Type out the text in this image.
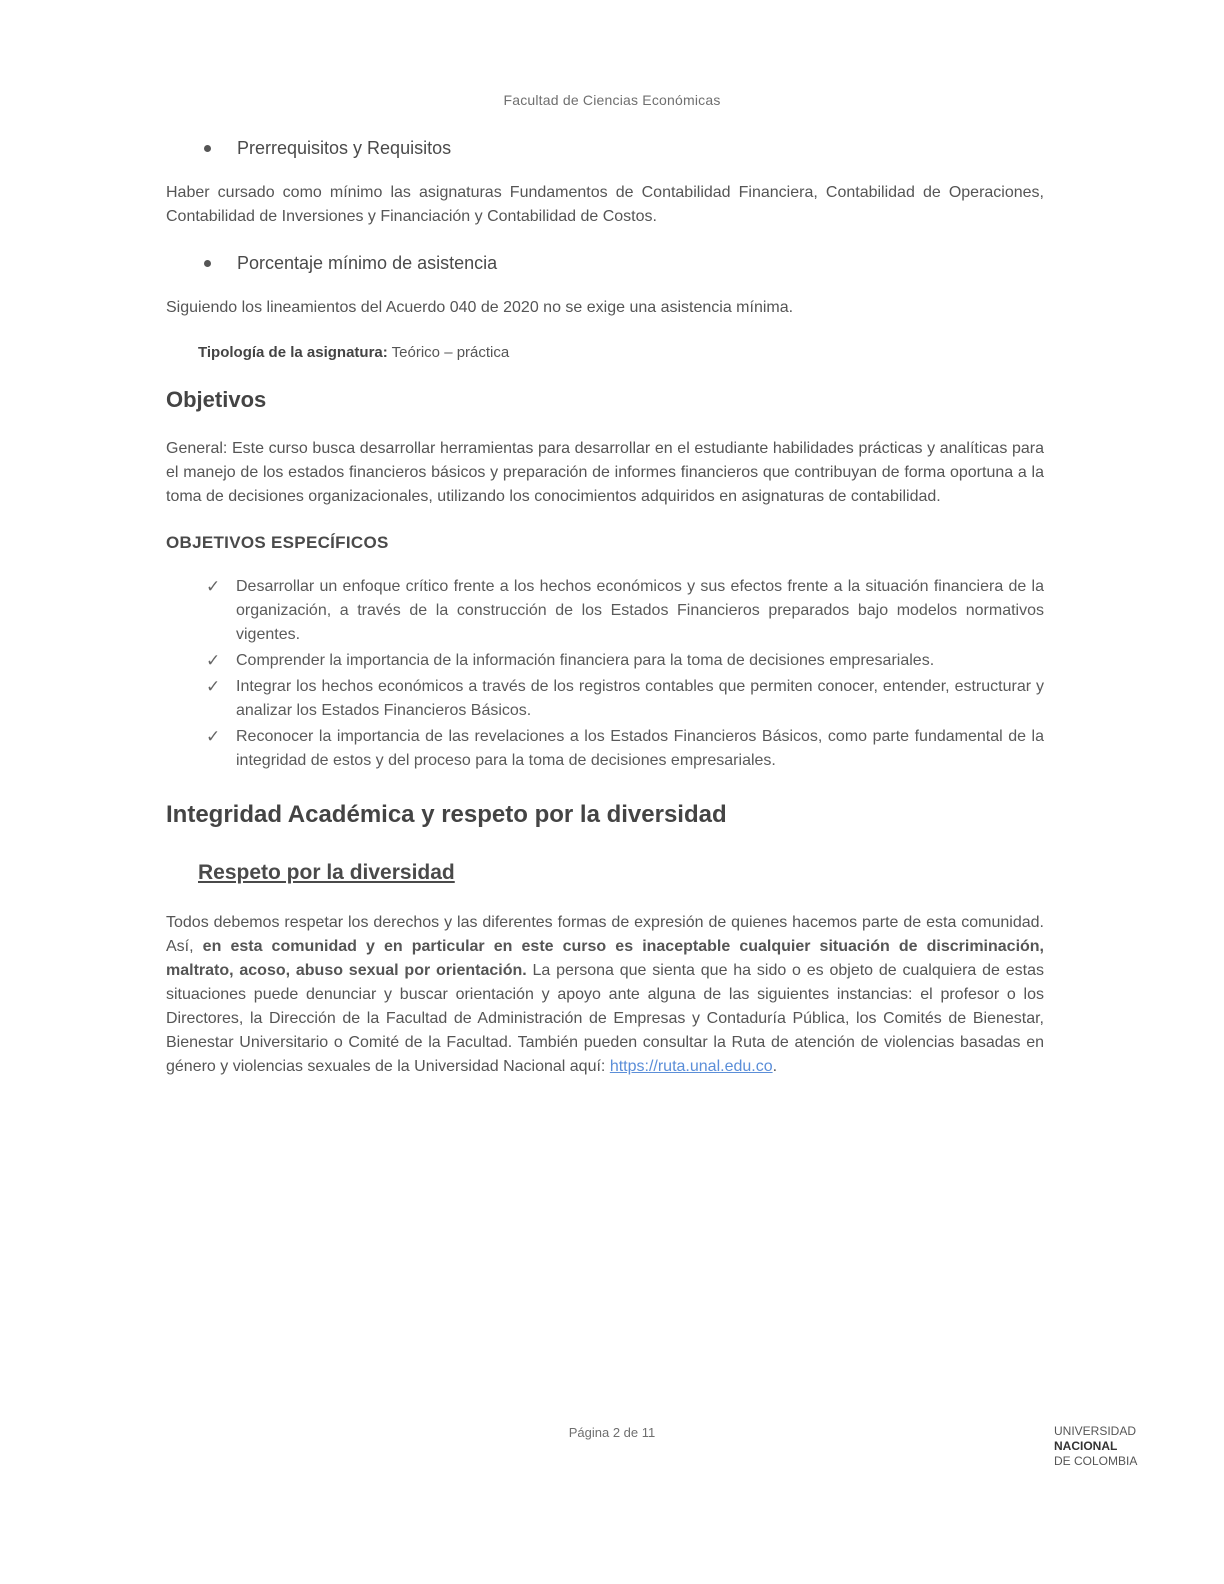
Facultad de Ciencias Económicas
Prerrequisitos y Requisitos

Haber cursado como mínimo las asignaturas Fundamentos de Contabilidad Financiera, Contabilidad de Operaciones, Contabilidad de Inversiones y Financiación y Contabilidad de Costos.

Porcentaje mínimo de asistencia

Siguiendo los lineamientos del Acuerdo 040 de 2020 no se exige una asistencia mínima.

Tipología de la asignatura: Teórico – práctica
Objetivos

General: Este curso busca desarrollar herramientas para desarrollar en el estudiante habilidades prácticas y analíticas para el manejo de los estados financieros básicos y preparación de informes financieros que contribuyan de forma oportuna a la toma de decisiones organizacionales, utilizando los conocimientos adquiridos en asignaturas de contabilidad.

OBJETIVOS ESPECÍFICOS
✓ Desarrollar un enfoque crítico frente a los hechos económicos y sus efectos frente a la situación financiera de la organización, a través de la construcción de los Estados Financieros preparados bajo modelos normativos vigentes.
✓ Comprender la importancia de la información financiera para la toma de decisiones empresariales.
✓ Integrar los hechos económicos a través de los registros contables que permiten conocer, entender, estructurar y analizar los Estados Financieros Básicos.
✓ Reconocer la importancia de las revelaciones a los Estados Financieros Básicos, como parte fundamental de la integridad de estos y del proceso para la toma de decisiones empresariales.
Integridad Académica y respeto por la diversidad
Respeto por la diversidad

Todos debemos respetar los derechos y las diferentes formas de expresión de quienes hacemos parte de esta comunidad. Así, en esta comunidad y en particular en este curso es inaceptable cualquier situación de discriminación, maltrato, acoso, abuso sexual por orientación. La persona que sienta que ha sido o es objeto de cualquiera de estas situaciones puede denunciar y buscar orientación y apoyo ante alguna de las siguientes instancias: el profesor o los Directores, la Dirección de la Facultad de Administración de Empresas y Contaduría Pública, los Comités de Bienestar, Bienestar Universitario o Comité de la Facultad. También pueden consultar la Ruta de atención de violencias basadas en género y violencias sexuales de la Universidad Nacional aquí: https://ruta.unal.edu.co.

Página 2 de 11	UNIVERSIDAD
NACIONAL
DE COLOMBIA
